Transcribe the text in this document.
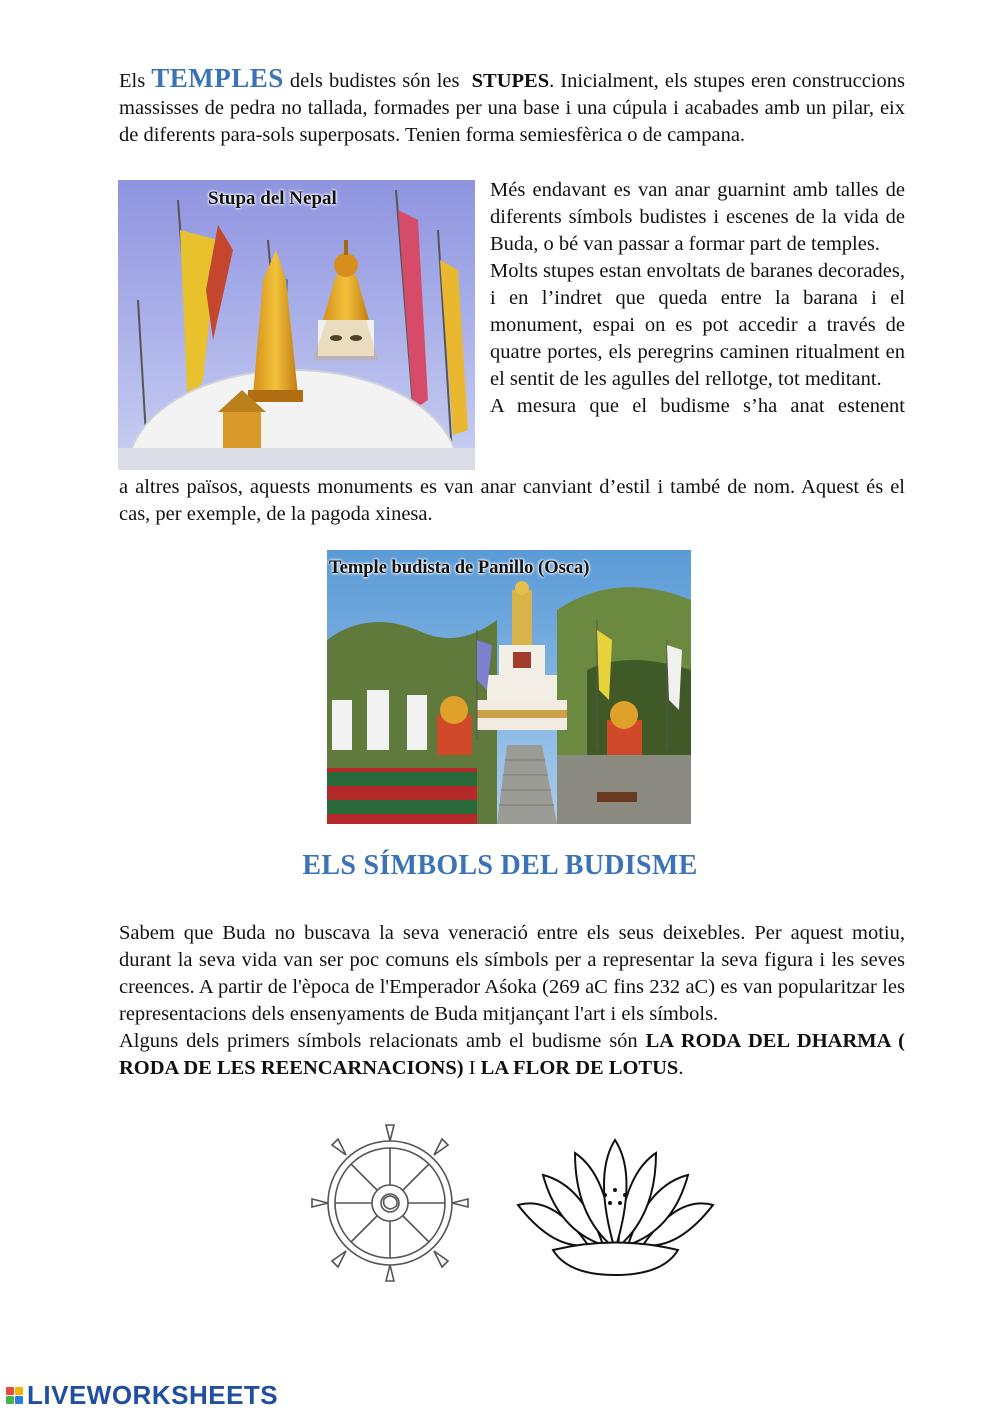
Els TEMPLES dels budistes són les STUPES. Inicialment, els stupes eren construccions massisses de pedra no tallada, formades per una base i una cúpula i acabades amb un pilar, eix de diferents para-sols superposats. Tenien forma semiesfèrica o de campana.
Stupa del Nepal	Més endavant es van anar guarnint amb talles de diferents símbols budistes i escenes de la vida de Buda, o bé van passar a formar part de temples.
Molts stupes estan envoltats de baranes decorades, i en l’indret que queda entre la barana i el monument, espai on es pot accedir a través de quatre portes, els peregrins caminen ritualment en el sentit de les agulles del rellotge, tot meditant.
A mesura que el budisme s’ha anat estenent
a altres països, aquests monuments es van anar canviant d’estil i també de nom. Aquest és el cas, per exemple, de la pagoda xinesa.
Temple budista de Panillo (Osca)
ELS SÍMBOLS DEL BUDISME
Sabem que Buda no buscava la seva veneració entre els seus deixebles. Per aquest motiu, durant la seva vida van ser poc comuns els símbols per a representar la seva figura i les seves creences. A partir de l'època de l'Emperador Aśoka (269 aC fins 232 aC) es van popularitzar les representacions dels ensenyaments de Buda mitjançant l'art i els símbols.
Alguns dels primers símbols relacionats amb el budisme són LA RODA DEL DHARMA ( RODA DE LES REENCARNACIONS) I LA FLOR DE LOTUS.
LIVEWORKSHEETS
